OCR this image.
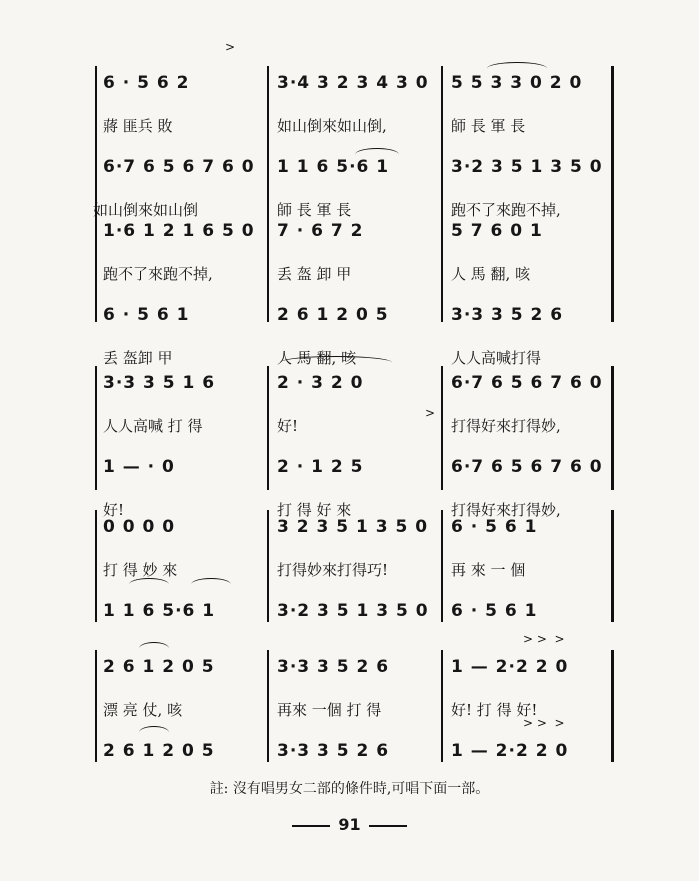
>
6 · 5 6 2	3·4 3 2 3 4 3 0	5 5 3 3 0 2 0
蔣 匪兵 敗	如山倒來如山倒,	師 長 軍 長
6·7 6 5 6 7 6 0	1 1 6 5·6 1	3·2 3 5 1 3 5 0
如山倒來如山倒	師 長 軍 長	跑不了來跑不掉,
1·6 1 2 1 6 5 0	7 · 6 7 2	5 7 6 0 1
跑不了來跑不掉,	丢 盔 卸 甲	人 馬 翻, 咳
6 · 5 6 1	2 6 1 2 0 5	3·3 3 5 2 6
丢 盔卸 甲	人 馬 翻, 咳	人人高喊打得
>
3·3 3 5 1 6	2 · 3 2 0	6·7 6 5 6 7 6 0
人人高喊 打 得	好!	打得好來打得妙,
1 — · 0	2 · 1 2 5	6·7 6 5 6 7 6 0
好!	打 得 好 來	打得好來打得妙,
0 0 0 0	3 2 3 5 1 3 5 0	6 · 5 6 1
打 得 妙 來	打得妙來打得巧!	再 來 一 個
1 1 6 5·6 1	3·2 3 5 1 3 5 0	6 · 5 6 1
> >  >
> >  >
2 6 1 2 0 5	3·3 3 5 2 6	1 — 2·2 2 0
漂 亮 仗, 咳	再來 一個 打 得	好! 打 得 好!
2 6 1 2 0 5	3·3 3 5 2 6	1 — 2·2 2 0
註: 沒有唱男女二部的條件時,可唱下面一部。
91
